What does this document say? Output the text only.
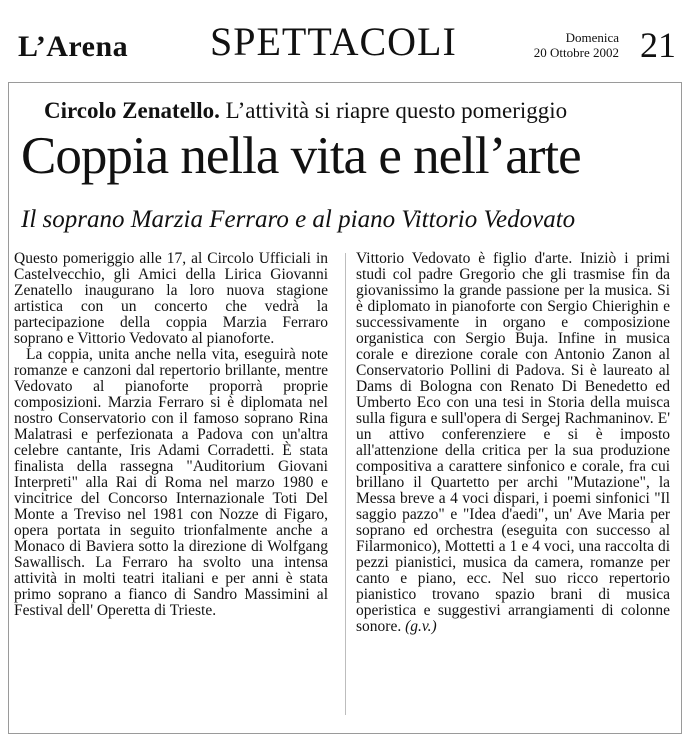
L’Arena SPETTACOLI	Domenica
20 Ottobre 2002 21
Circolo Zenatello. L’attività si riapre questo pomeriggio
Coppia nella vita e nell’arte
Il soprano Marzia Ferraro e al piano Vittorio Vedovato

Questo pomeriggio alle 17, al Circolo Ufficiali in Castelvecchio, gli Amici della Lirica Giovanni Zenatello inaugurano la loro nuova stagione artistica con un concerto che vedrà la partecipazione della coppia Marzia Ferraro soprano e Vittorio Vedovato al pianoforte.

La coppia, unita anche nella vita, eseguirà note romanze e canzoni dal repertorio brillante, mentre Vedovato al pianoforte proporrà proprie composizioni. Marzia Ferraro si è diplomata nel nostro Conservatorio con il famoso soprano Rina Malatrasi e perfezionata a Padova con un'altra celebre cantante, Iris Adami Corradetti. È stata finalista della rassegna "Auditorium Giovani Interpreti" alla Rai di Roma nel marzo 1980 e vincitrice del Concorso Internazionale Toti Del Monte a Treviso nel 1981 con Nozze di Figaro, opera portata in seguito trionfalmente anche a Monaco di Baviera sotto la direzione di Wolfgang Sawallisch. La Ferraro ha svolto una intensa attività in molti teatri italiani e per anni è stata primo soprano a fianco di Sandro Massimini al Festival dell' Operetta di Trieste.

Vittorio Vedovato è figlio d'arte. Iniziò i primi studi col padre Gregorio che gli trasmise fin da giovanissimo la grande passione per la musica. Si è diplomato in pianoforte con Sergio Chierighin e successivamente in organo e composizione organistica con Sergio Buja. Infine in musica corale e direzione corale con Antonio Zanon al Conservatorio Pollini di Padova. Si è laureato al Dams di Bologna con Renato Di Benedetto ed Umberto Eco con una tesi in Storia della muisca sulla figura e sull'opera di Sergej Rachmaninov. E' un attivo conferenziere e si è imposto all'attenzione della critica per la sua produzione compositiva a carattere sinfonico e corale, fra cui brillano il Quartetto per archi "Mutazione", la Messa breve a 4 voci dispari, i poemi sinfonici "Il saggio pazzo" e "Idea d'aedi", un' Ave Maria per soprano ed orchestra (eseguita con successo al Filarmonico), Mottetti a 1 e 4 voci, una raccolta di pezzi pianistici, musica da camera, romanze per canto e piano, ecc. Nel suo ricco repertorio pianistico trovano spazio brani di musica operistica e suggestivi arrangiamenti di colonne sonore. (g.v.)
